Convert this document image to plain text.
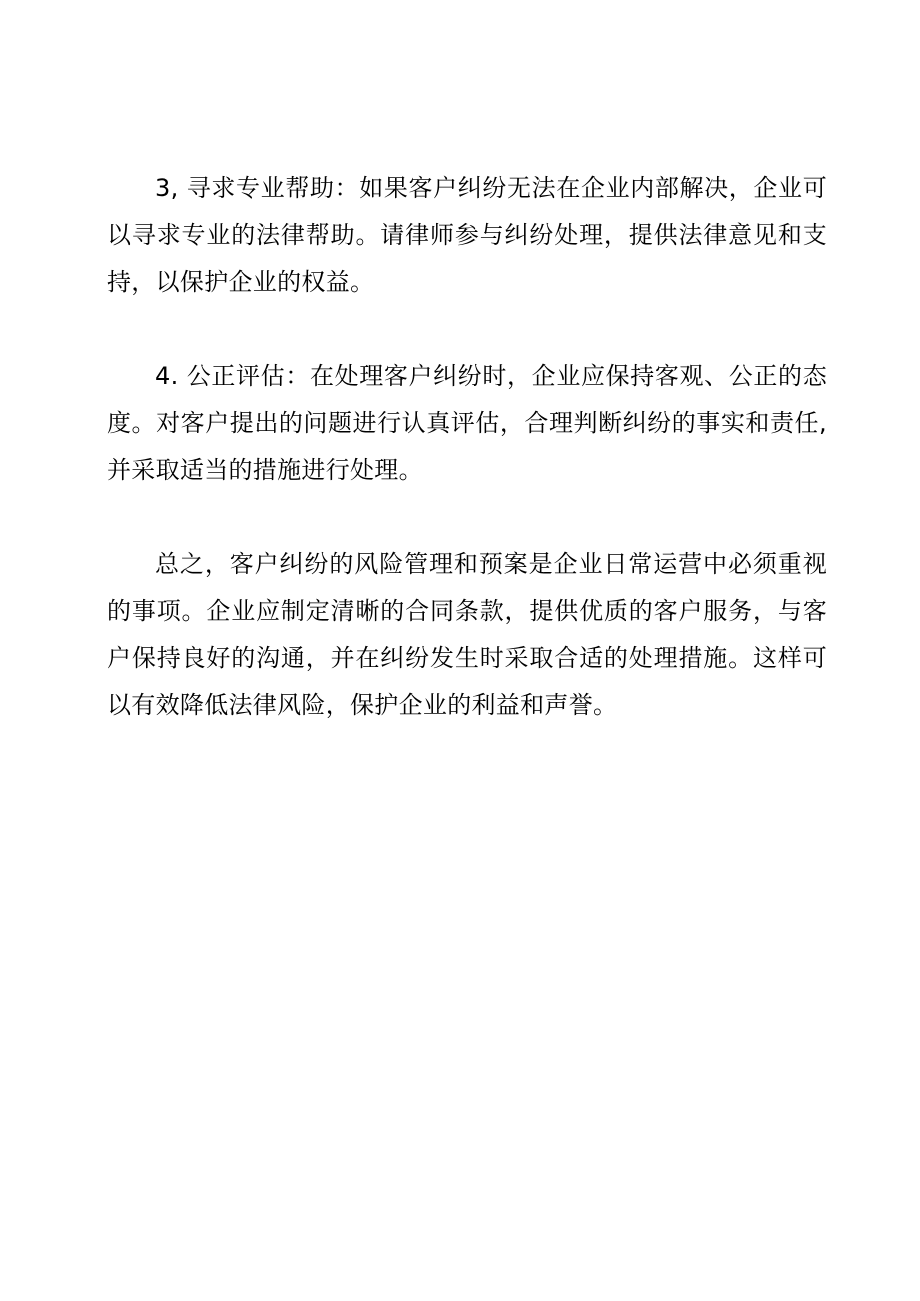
3, 寻求专业帮助：如果客户纠纷无法在企业内部解决，企业可以寻求专业的法律帮助。请律师参与纠纷处理，提供法律意见和支持，以保护企业的权益。

4. 公正评估：在处理客户纠纷时，企业应保持客观、公正的态度。对客户提出的问题进行认真评估，合理判断纠纷的事实和责任, 并采取适当的措施进行处理。

总之，客户纠纷的风险管理和预案是企业日常运营中必须重视的事项。企业应制定清晰的合同条款，提供优质的客户服务，与客户保持良好的沟通，并在纠纷发生时采取合适的处理措施。这样可以有效降低法律风险，保护企业的利益和声誉。
